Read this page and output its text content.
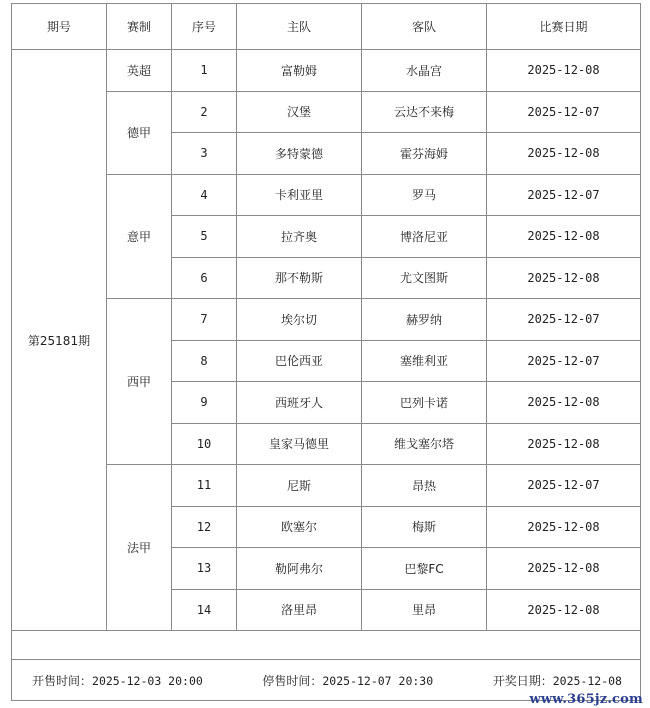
期号	赛制	序号	主队	客队	比赛日期
第25181期	英超	1	富勒姆	水晶宫	2025-12-08
	德甲	2	汉堡	云达不来梅	2025-12-07
		3	多特蒙德	霍芬海姆	2025-12-08
	意甲	4	卡利亚里	罗马	2025-12-07
		5	拉齐奥	博洛尼亚	2025-12-08
		6	那不勒斯	尤文图斯	2025-12-08
	西甲	7	埃尔切	赫罗纳	2025-12-07
		8	巴伦西亚	塞维利亚	2025-12-07
		9	西班牙人	巴列卡诺	2025-12-08
		10	皇家马德里	维戈塞尔塔	2025-12-08
	法甲	11	尼斯	昂热	2025-12-07
		12	欧塞尔	梅斯	2025-12-08
		13	勒阿弗尔	巴黎FC	2025-12-08
		14	洛里昂	里昂	2025-12-08

开售时间：2025-12-03 20:00 停售时间：2025-12-07 20:30 开奖日期：2025-12-08					
www.365jz.com
